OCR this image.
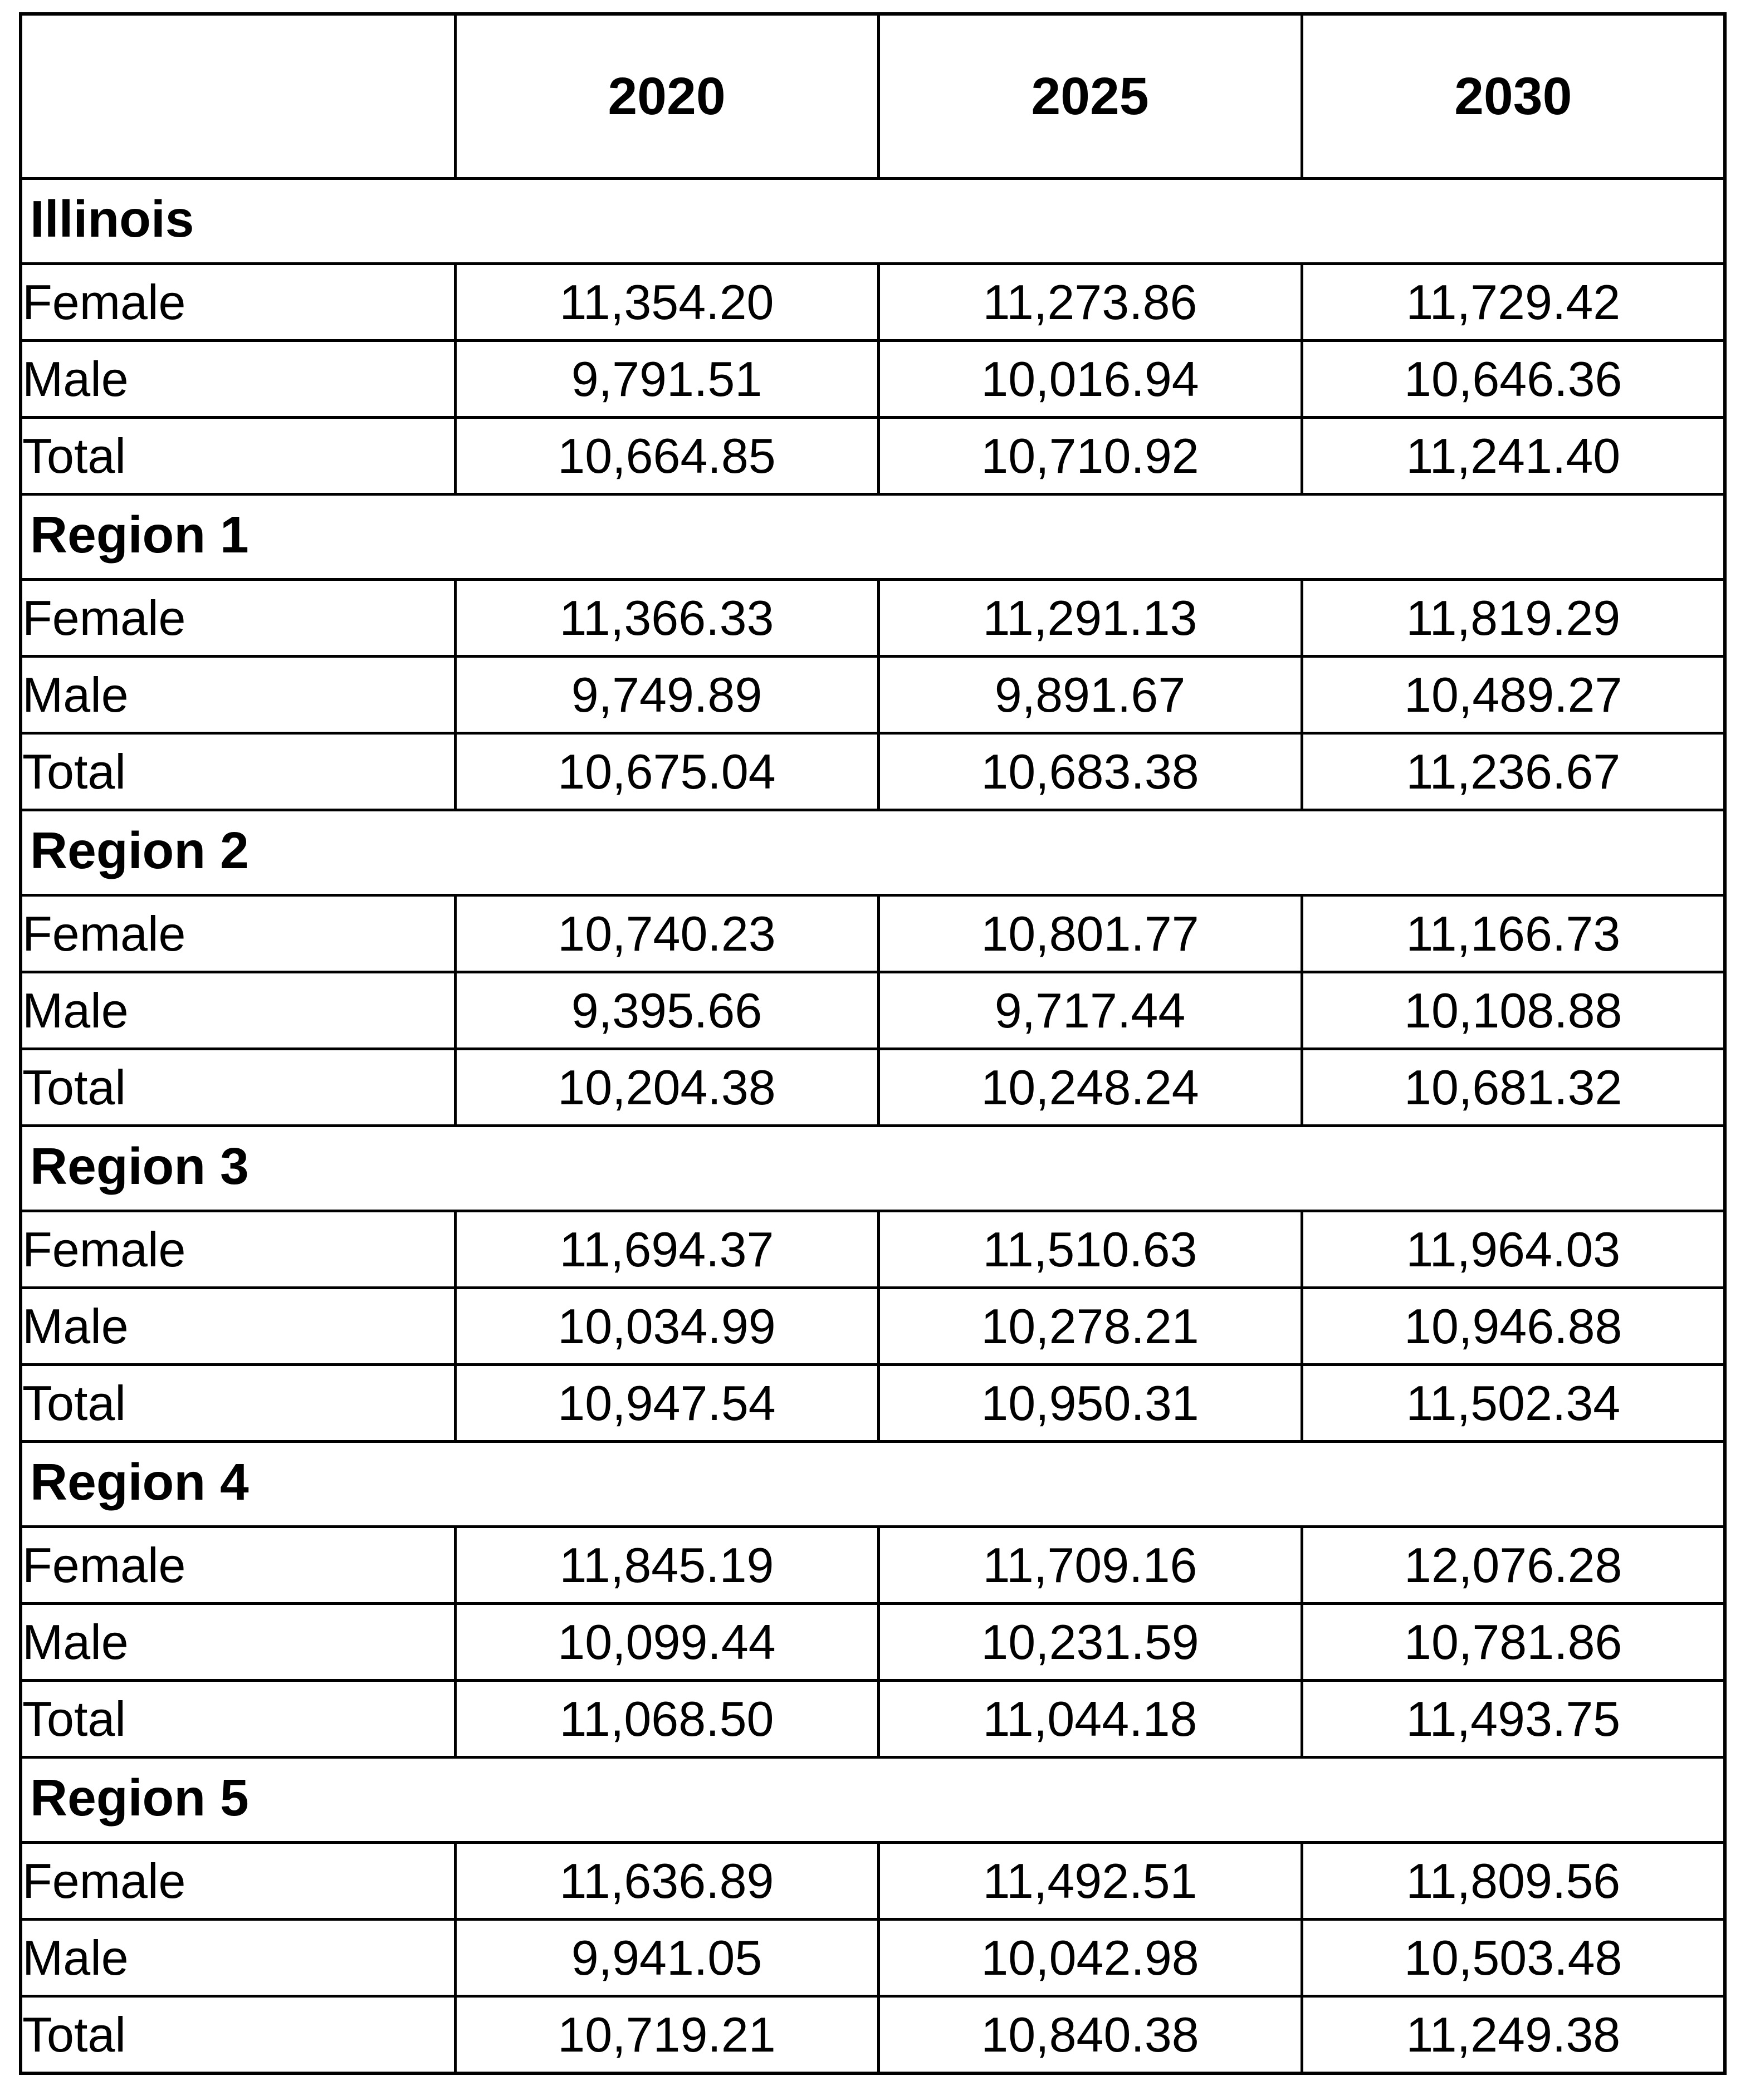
	2020	2025	2030
Illinois			
Female	11,354.20	11,273.86	11,729.42
Male	9,791.51	10,016.94	10,646.36
Total	10,664.85	10,710.92	11,241.40
Region 1			
Female	11,366.33	11,291.13	11,819.29
Male	9,749.89	9,891.67	10,489.27
Total	10,675.04	10,683.38	11,236.67
Region 2			
Female	10,740.23	10,801.77	11,166.73
Male	9,395.66	9,717.44	10,108.88
Total	10,204.38	10,248.24	10,681.32
Region 3			
Female	11,694.37	11,510.63	11,964.03
Male	10,034.99	10,278.21	10,946.88
Total	10,947.54	10,950.31	11,502.34
Region 4			
Female	11,845.19	11,709.16	12,076.28
Male	10,099.44	10,231.59	10,781.86
Total	11,068.50	11,044.18	11,493.75
Region 5			
Female	11,636.89	11,492.51	11,809.56
Male	9,941.05	10,042.98	10,503.48
Total	10,719.21	10,840.38	11,249.38
